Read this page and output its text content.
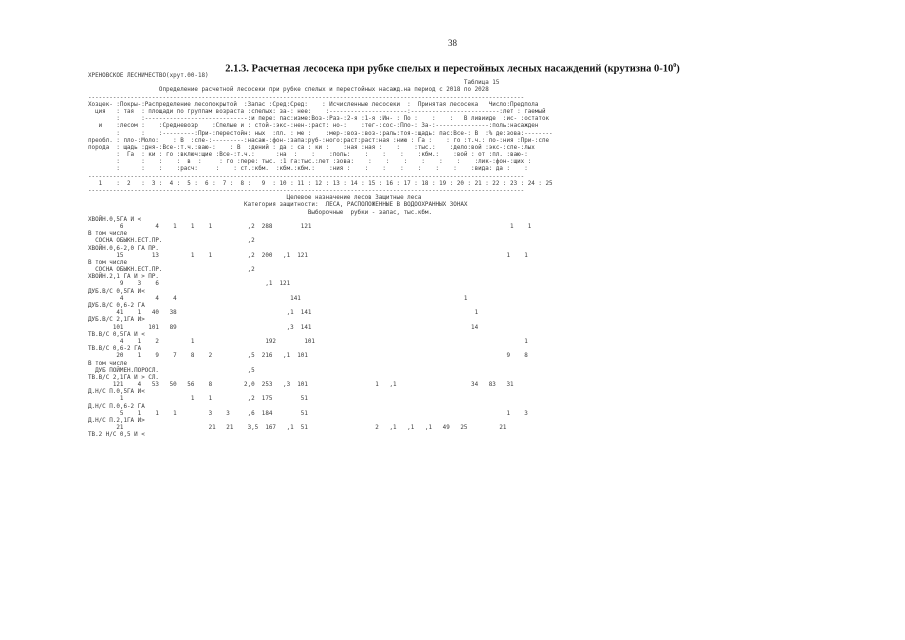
38
2.1.3. Расчетная лесосека при рубке спелых и перестойных лесных насаждений (крутизна $0-10^0$)
ХРЕНОВСКОЕ ЛЕСНИЧЕСТВО(хрут.00-18)
Таблица 15
Определение расчетной лесосеки при рубке спелых и перестойных насажд.на период с 2018 по 2028
---------------------------------------------------------------------------------------------------------------------------
Хозцек- :Покры-:Распределение лесопокрытой  :Запас :Сред:Сред:    : Исчисленные лесосеки  :  Принятая лесосека   Число:Предпола
ция   : тая  : площади по группам возраста :спелых: за-: нее:    :----------------------:-------------------------:лет : гаемый
:      :-----------------------------:и пере: пас:изме:Воз-:Раз-:2-я :1-я :Ин- : По :    :    :   В ливииде  :ис- :остаток
и    :лесом :    :Средневозр    :Спелые и : стой-:экс-:нен-:раст: но-:    :тег-:сос-:Пло-: За-:---------------:поль:насажден
:      :    :---------:При-:перестойн: ных  :пл. : ме :    :мер-:воз-:воз-:раль:тоя-:щадь: пас:Все-: В  :% де:зова:--------
преобл. : пло-:Моло:    : В  :спе-:---------:насаж-:фон-:запа:руб-:ного:раст:раст:ная :нию : Га :    : го :т.ч.: по-:ния :При-:спе
порода  : щадь :дня-:Все-:т.ч.:ваю-:    : В  :дений : да : са : ки :    :ная :ная :    :    :тыс.:    :дело:вой :экс-:спе-:лых
:  Га  : ки : го :включ:щие :Все-:т.ч.:      :на  :    :    :поль:    :    :    :    :кбм.:    :вой : от :пл. :ваю-:
:      :    :    :  в  :     : го :пере: тыс. :1 га:тыс.:лет :зова:    :    :    :    :    :    :    :лик-:фон-:щих :
:      :    :    :расч:     :    : ст.:кбм.  :кбм.:кбм.:    :ния :    :    :    :    :    :    :    :вида: да :    :
---------------------------------------------------------------------------------------------------------------------------
1    :  2   :  3 :  4 :  5 :  6 :  7 :  8 :   9  : 10 : 11 : 12 : 13 : 14 : 15 : 16 : 17 : 18 : 19 : 20 : 21 : 22 : 23 : 24 : 25
---------------------------------------------------------------------------------------------------------------------------
Целевое назначение лесов Защитные леса
Категория защитности:  ЛЕСА, РАСПОЛОЖЕННЫЕ В ВОДООХРАННЫХ ЗОНАХ
Выборочные  рубки - запас, тыс.кбм.
ХВОЙН.0,5ГА И <
6         4    1    1    1          ,2  288        121                                                        1    1
В том числе
СОСНА ОБЫКН.ЕСТ.ПР.                        ,2
ХВОЙН.0,6-2,0 ГА ПР.
15        13         1    1          ,2  200   ,1  121                                                        1    1
В том числе
СОСНА ОБЫКН.ЕСТ.ПР.                        ,2
ХВОЙН.2,1 ГА И > ПР.
9    3    6                              ,1  121
ДУБ.В/С 0,5ГА И<
4         4    4                                141                                              1
ДУБ.В/С 0,6-2 ГА
41    1   40   38                               ,1  141                                              1
ДУБ.В/С 2,1ГА И>
101       101   89                               ,3  141                                             14
ТВ.В/С 0,5ГА И <
4    1    2         1                    192        101                                                           1
ТВ.В/С 0,6-2 ГА
20    1    9    7    8    2          ,5  216   ,1  101                                                        9    8
В том числе
ДУБ ПОЙМЕН.ПОРОСЛ.                         ,5
ТВ.В/С 2,1ГА И > СЛ.
121    4   53   50   56    8         2,0  253   ,3  101                   1   ,1                     34   83   31
Д.Н/С П.0,5ГА И<
1                   1    1          ,2  175        51
Д.Н/С П.0,6-2 ГА
5    1    1    1         3    3     ,6  184        51                                                        1    3
Д.Н/С П.2,1ГА И>
21                        21   21    3,5  167   ,1  51                   2   ,1   ,1   ,1   49   25         21
ТВ.2 Н/С 0,5 И <
